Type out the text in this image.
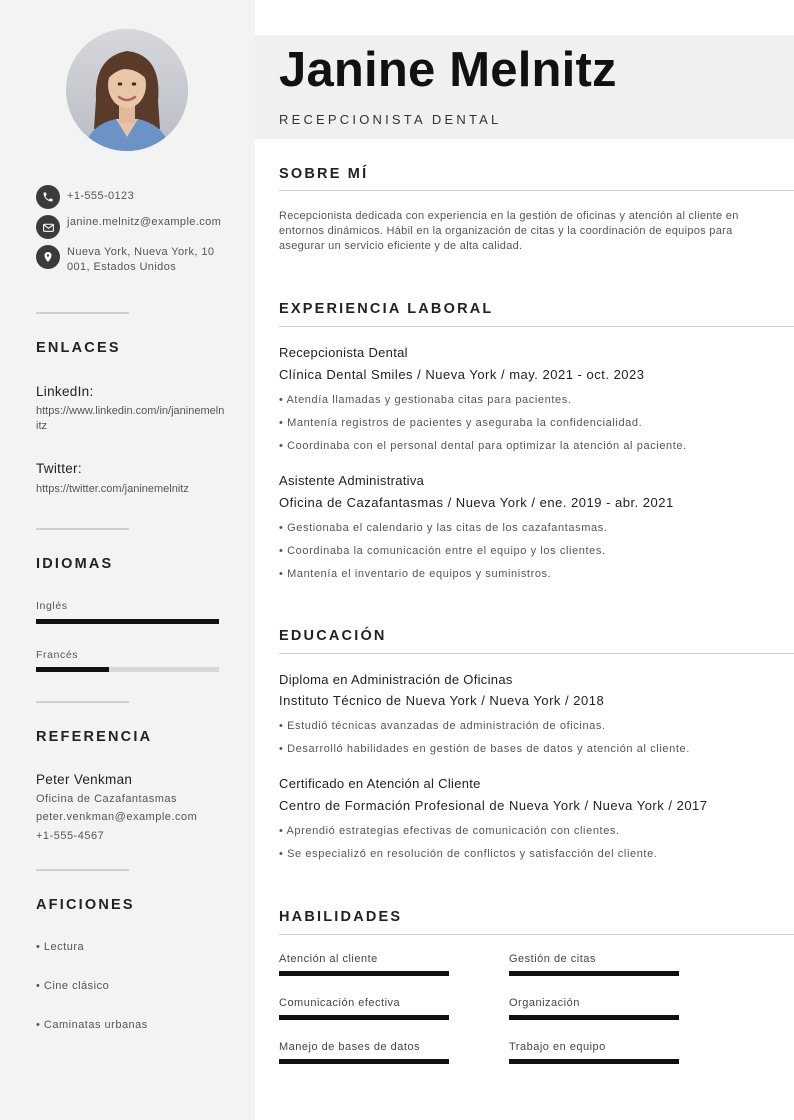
+1-555-0123
janine.melnitz@example.com
Nueva York, Nueva York, 10001, Estados Unidos
ENLACES
LinkedIn:
https://www.linkedin.com/in/janinemelnitz
Twitter:
https://twitter.com/janinemelnitz
IDIOMAS
Inglés
Francés
REFERENCIA
Peter Venkman
Oficina de Cazafantasmas
peter.venkman@example.com
+1-555-4567
AFICIONES
• Lectura
• Cine clásico
• Caminatas urbanas
Janine Melnitz
RECEPCIONISTA DENTAL
SOBRE MÍ
Recepcionista dedicada con experiencia en la gestión de oficinas y atención al cliente en entornos dinámicos. Hábil en la organización de citas y la coordinación de equipos para asegurar un servicio eficiente y de alta calidad.
EXPERIENCIA LABORAL
Recepcionista Dental
Clínica Dental Smiles / Nueva York / may. 2021 - oct. 2023
• Atendía llamadas y gestionaba citas para pacientes.
• Mantenía registros de pacientes y aseguraba la confidencialidad.
• Coordinaba con el personal dental para optimizar la atención al paciente.
Asistente Administrativa
Oficina de Cazafantasmas / Nueva York / ene. 2019 - abr. 2021
• Gestionaba el calendario y las citas de los cazafantasmas.
• Coordinaba la comunicación entre el equipo y los clientes.
• Mantenía el inventario de equipos y suministros.
EDUCACIÓN
Diploma en Administración de Oficinas
Instituto Técnico de Nueva York / Nueva York / 2018
• Estudió técnicas avanzadas de administración de oficinas.
• Desarrolló habilidades en gestión de bases de datos y atención al cliente.
Certificado en Atención al Cliente
Centro de Formación Profesional de Nueva York / Nueva York / 2017
• Aprendió estrategias efectivas de comunicación con clientes.
• Se especializó en resolución de conflictos y satisfacción del cliente.
HABILIDADES
Atención al cliente	Gestión de citas
Comunicación efectiva	Organización
Manejo de bases de datos	Trabajo en equipo
